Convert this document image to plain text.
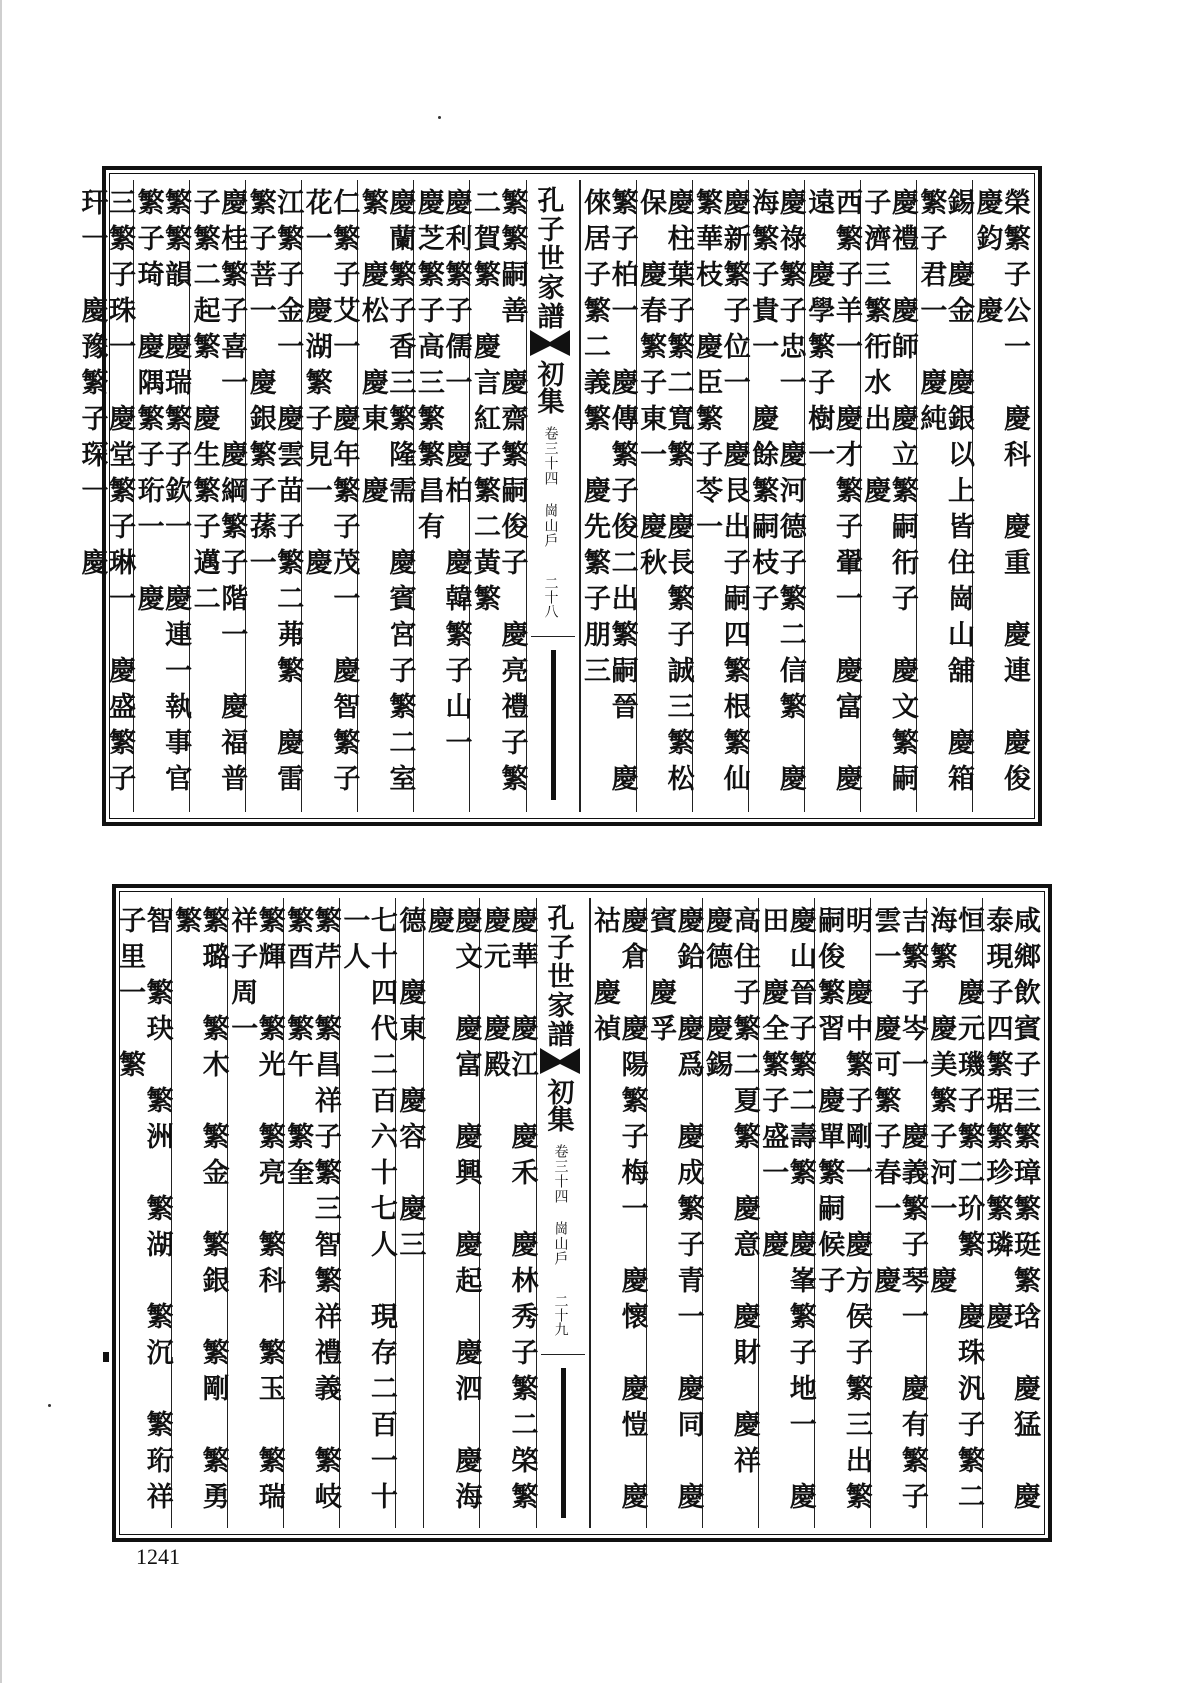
榮繁子公一　慶科　慶重　慶連　慶俊　慶鈞　慶
錫　慶金　慶銀以上皆住崗山舖　慶箱繁子君一　慶純
慶禮　慶師　慶立繁嗣衎子　慶文繁嗣子濟三繁衎水出　慶
西繁子羊一　慶才繁子翬一　慶富　慶遠　慶學繁子樹一
慶祿繁子忠一　慶河德子繁二信繁　慶海繁子貴一　慶餘繁嗣枝子
慶新繁子位一　慶艮出子嗣四繁根繁仙繁華枝　慶臣繁子苓一
慶柱葉子繁二寬繁　慶長繁子誠三繁松保　慶春繁子東一　慶秋
繁子柏一　慶傳繁子俊二出繁嗣晉　慶倈居子繁二義繁　慶先繁子朋三
孔子世家譜
初集
卷三十四 崗山戶
二十八
繁繁嗣善　慶齋繁嗣俊子　慶亮禮子繁二賀繁　慶言紅子繁二黃繁
慶利繁子儒一　慶柏　慶韓繁子山一　慶芝繁子高三繁繁昌有
慶蘭繁子香三繁隆需　慶賓宮子繁二室繁　慶松　慶東　慶
仁繁子艾一　慶年繁子茂一　慶智繁子花一　慶湖繁子見一　慶
江繁子金一　慶雲苗子繁二茀繁　慶雷繁子菩一　慶銀繁子蓀一
慶桂繁子喜一　慶綱繁子階一　慶福普子繁二起繁　慶生繁子邁二
繁繁韻　慶瑞繁子欽一　慶連一執事官繁子琦　慶隅繁子珩一　慶
三繁子珠一　慶堂繁子琳一　慶盛繁子玕一　慶豫繁子琛一　慶
咸鄉飲賓子三繁璋繁珽繁琀　慶猛　慶泰現子四繁琚繁珍繁璘　慶
恒　慶元璣子繁二玠繁　慶珠汎子繁二海繁　慶美繁子河一　慶
吉繁子岑一　慶義繁子琴一　慶有繁子雲一　慶可繁子春一　慶
明　慶中繁子剛一　慶方侯子繁三出繁嗣俊繁習　慶單繁嗣候子
慶山晉子繁二壽繁　慶峯繁子地一　慶田　慶全繁子盛一　慶
高住子繁二夏繁　慶意　慶財　慶祥　慶德　慶錫
慶鉿　慶爲　慶成繁子青一　慶同　慶賓　慶孚
慶倉　慶陽繁子梅一　慶懷　慶愷　慶祜　慶禎
孔子世家譜
初集
卷三十四 崗山戶
二十九
慶華　慶江　慶禾　慶林秀子繁二棨繁　慶元　慶殿
慶文　慶富　慶興　慶起　慶泗　慶海　慶
德　慶東　慶容　慶三
七十四代二百六十七人　現存二百一十一人
繁芹　繁昌祥子繁三智繁祥禮義　繁岐　繁酉　繁午　繁奎
繁輝　繁光　繁亮　繁科　繁玉　繁瑞祥子周一
繁璐　繁木　繁金　繁銀　繁剛　繁勇　繁
智　繁玦　繁洲　繁湖　繁沉　繁珩祥子里一　繁
1241
